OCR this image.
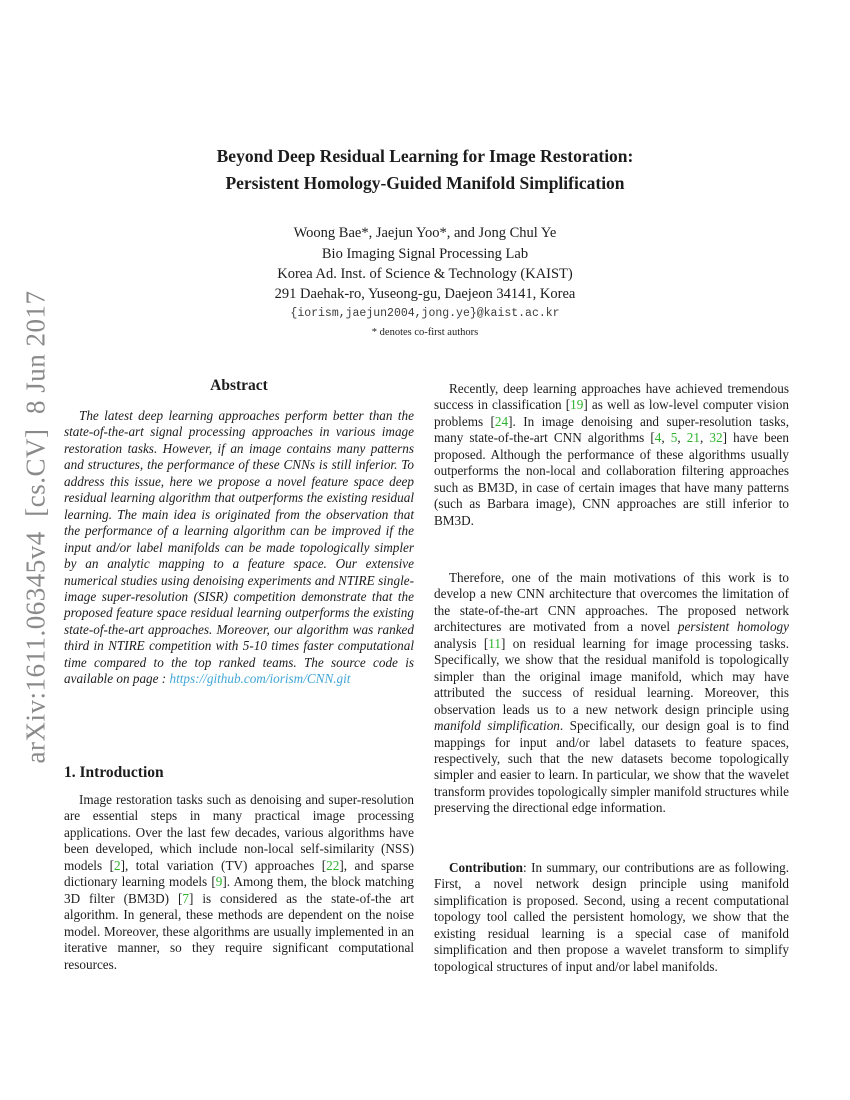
arXiv:1611.06345v4  [cs.CV]  8 Jun 2017
Beyond Deep Residual Learning for Image Restoration:
Persistent Homology-Guided Manifold Simplification
Woong Bae*, Jaejun Yoo*, and Jong Chul Ye
Bio Imaging Signal Processing Lab
Korea Ad. Inst. of Science & Technology (KAIST)
291 Daehak-ro, Yuseong-gu, Daejeon 34141, Korea
{iorism,jaejun2004,jong.ye}@kaist.ac.kr
* denotes co-first authors
Abstract
The latest deep learning approaches perform better than the state-of-the-art signal processing approaches in various image restoration tasks. However, if an image contains many patterns and structures, the performance of these CNNs is still inferior. To address this issue, here we propose a novel feature space deep residual learning algorithm that outperforms the existing residual learning. The main idea is originated from the observation that the performance of a learning algorithm can be improved if the input and/or label manifolds can be made topologically simpler by an analytic mapping to a feature space. Our extensive numerical studies using denoising experiments and NTIRE single-image super-resolution (SISR) competition demonstrate that the proposed feature space residual learning outperforms the existing state-of-the-art approaches. Moreover, our algorithm was ranked third in NTIRE competition with 5-10 times faster computational time compared to the top ranked teams. The source code is available on page : https://github.com/iorism/CNN.git
1. Introduction
Image restoration tasks such as denoising and super-resolution are essential steps in many practical image processing applications. Over the last few decades, various algorithms have been developed, which include non-local self-similarity (NSS) models [2], total variation (TV) approaches [22], and sparse dictionary learning models [9]. Among them, the block matching 3D filter (BM3D) [7] is considered as the state-of-the art algorithm. In general, these methods are dependent on the noise model. Moreover, these algorithms are usually implemented in an iterative manner, so they require significant computational resources.
Recently, deep learning approaches have achieved tremendous success in classification [19] as well as low-level computer vision problems [24]. In image denoising and super-resolution tasks, many state-of-the-art CNN algorithms [4, 5, 21, 32] have been proposed. Although the performance of these algorithms usually outperforms the non-local and collaboration filtering approaches such as BM3D, in case of certain images that have many patterns (such as Barbara image), CNN approaches are still inferior to BM3D.
Therefore, one of the main motivations of this work is to develop a new CNN architecture that overcomes the limitation of the state-of-the-art CNN approaches. The proposed network architectures are motivated from a novel persistent homology analysis [11] on residual learning for image processing tasks. Specifically, we show that the residual manifold is topologically simpler than the original image manifold, which may have attributed the success of residual learning. Moreover, this observation leads us to a new network design principle using manifold simplification. Specifically, our design goal is to find mappings for input and/or label datasets to feature spaces, respectively, such that the new datasets become topologically simpler and easier to learn. In particular, we show that the wavelet transform provides topologically simpler manifold structures while preserving the directional edge information.
Contribution: In summary, our contributions are as following. First, a novel network design principle using manifold simplification is proposed. Second, using a recent computational topology tool called the persistent homology, we show that the existing residual learning is a special case of manifold simplification and then propose a wavelet transform to simplify topological structures of input and/or label manifolds.
